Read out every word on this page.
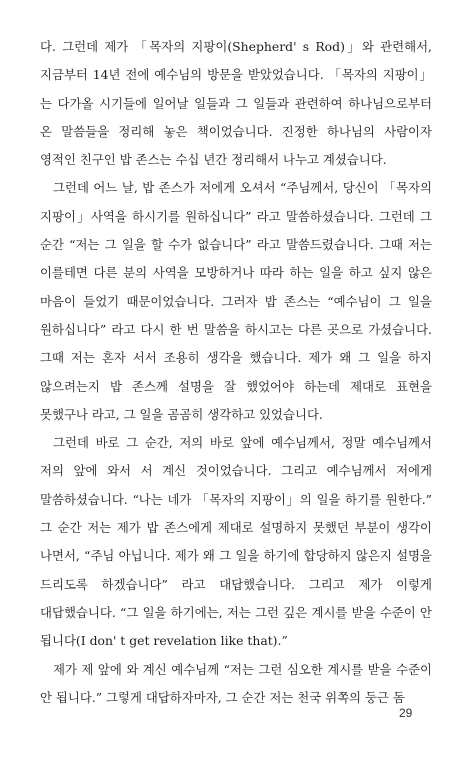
다. 그런데 제가 「목자의 지팡이(Shepherd' s Rod)」와 관련해서, 지금부터 14년 전에 예수님의 방문을 받았었습니다. 「목자의 지팡이」는 다가올 시기들에 일어날 일들과 그 일들과 관련하여 하나님으로부터 온 말씀들을 정리해 놓은 책이었습니다. 진정한 하나님의 사람이자 영적인 친구인 밥 존스는 수십 년간 정리해서 나누고 계셨습니다.

그런데 어느 날, 밥 존스가 저에게 오셔서 “주님께서, 당신이 「목자의 지팡이」사역을 하시기를 원하십니다” 라고 말씀하셨습니다. 그런데 그 순간 “저는 그 일을 할 수가 없습니다” 라고 말씀드렸습니다. 그때 저는 이를테면 다른 분의 사역을 모방하거나 따라 하는 일을 하고 싶지 않은 마음이 들었기 때문이었습니다. 그러자 밥 존스는 “예수님이 그 일을 원하십니다” 라고 다시 한 번 말씀을 하시고는 다른 곳으로 가셨습니다. 그때 저는 혼자 서서 조용히 생각을 했습니다. 제가 왜 그 일을 하지 않으려는지 밥 존스께 설명을 잘 했었어야 하는데 제대로 표현을 못했구나 라고, 그 일을 곰곰히 생각하고 있었습니다.

그런데 바로 그 순간, 저의 바로 앞에 예수님께서, 정말 예수님께서 저의 앞에 와서 서 계신 것이었습니다. 그리고 예수님께서 저에게 말씀하셨습니다. “나는 네가 「목자의 지팡이」의 일을 하기를 원한다.” 그 순간 저는 제가 밥 존스에게 제대로 설명하지 못했던 부분이 생각이 나면서, “주님 아닙니다. 제가 왜 그 일을 하기에 합당하지 않은지 설명을 드리도록 하겠습니다” 라고 대답했습니다. 그리고 제가 이렇게 대답했습니다. “그 일을 하기에는, 저는 그런 깊은 계시를 받을 수준이 안 됩니다(I don' t get revelation like that).”

제가 제 앞에 와 계신 예수님께 “저는 그런 심오한 계시를 받을 수준이 안 됩니다.” 그렇게 대답하자마자, 그 순간 저는 천국 위쪽의 둥근 돔

29
